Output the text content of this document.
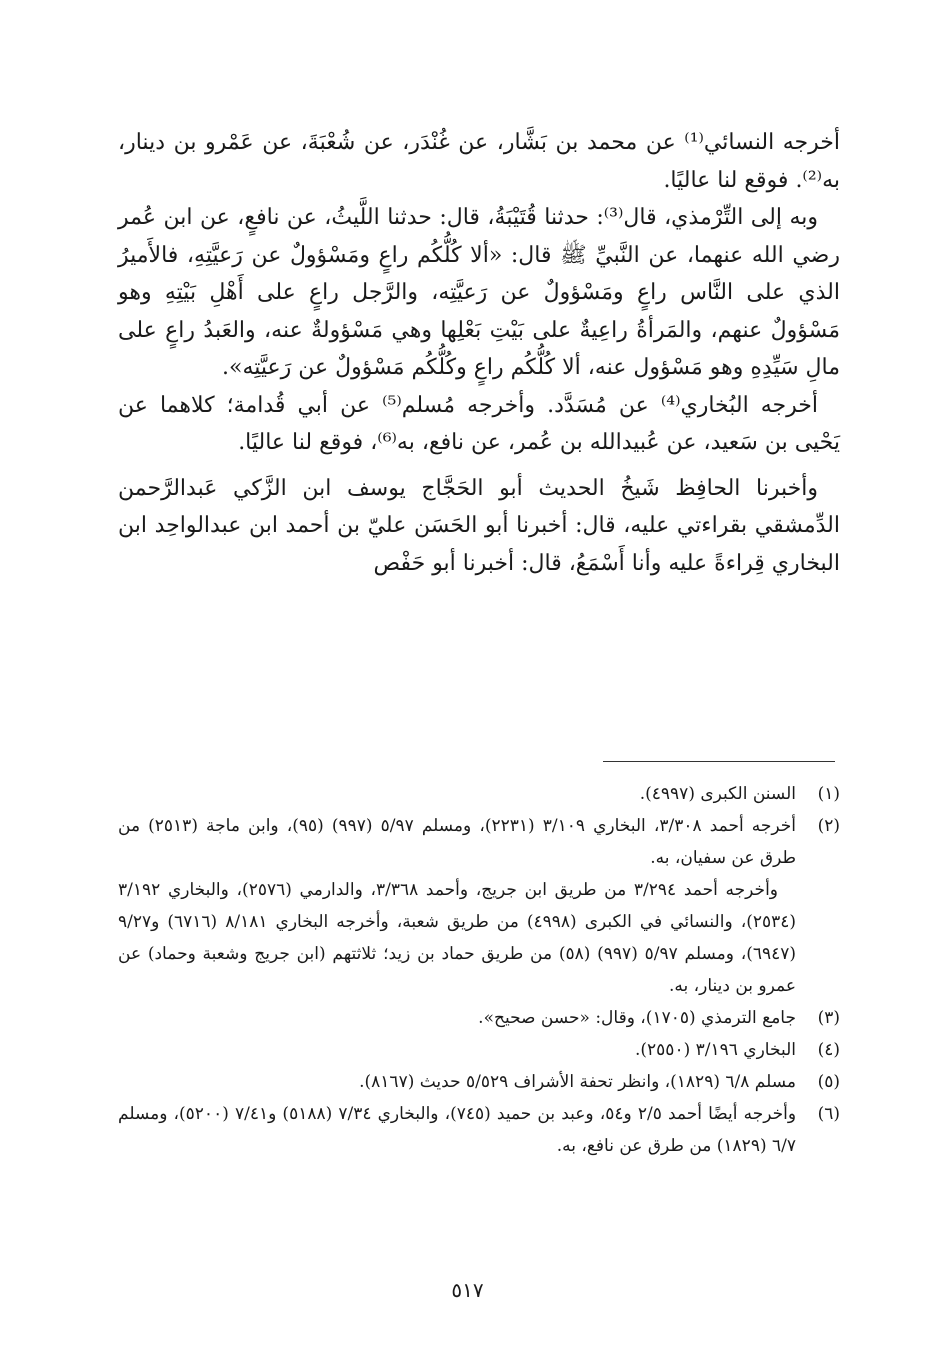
أخرجه النسائي⁽¹⁾ عن محمد بن بَشَّار، عن غُنْدَر، عن شُعْبَةَ، عن عَمْرو بن دينار، به⁽²⁾. فوقع لنا عاليًا.

وبه إلى التِّرْمذي، قال⁽³⁾: حدثنا قُتَيْبَةُ، قال: حدثنا اللَّيثُ، عن نافعٍ، عن ابن عُمر رضي الله عنهما، عن النَّبيِّ ﷺ قال: «ألا كُلُّكُم راعٍ ومَسْؤولٌ عن رَعيَّتِهِ، فالأَميرُ الذي على النَّاس راعٍ ومَسْؤولٌ عن رَعيَّتِه، والرَّجل راعٍ على أَهْلِ بَيْتِهِ وهو مَسْؤولٌ عنهم، والمَرأةُ راعِيةٌ على بَيْتِ بَعْلِها وهي مَسْؤولةٌ عنه، والعَبدُ راعٍ على مالِ سَيِّدِهِ وهو مَسْؤول عنه، ألا كُلُّكُم راعٍ وكُلُّكُم مَسْؤولٌ عن رَعيَّتِه».

أخرجه البُخاري⁽⁴⁾ عن مُسَدَّد. وأخرجه مُسلم⁽⁵⁾ عن أبي قُدامة؛ كلاهما عن يَحْيى بن سَعيد، عن عُبيدالله بن عُمر، عن نافع، به⁽⁶⁾، فوقع لنا عاليًا.

وأخبرنا الحافِظ شَيخُ الحديث أبو الحَجَّاج يوسف ابن الزَّكي عَبدالرَّحمن الدِّمشقي بقراءتي عليه، قال: أخبرنا أبو الحَسَن عليّ بن أحمد ابن عبدالواحِد ابن البخاري قِراءةً عليه وأنا أَسْمَعُ، قال: أخبرنا أبو حَفْص

(١)
السنن الكبرى (٤٩٩٧).
(٢)
أخرجه أحمد ٣/٣٠٨، البخاري ٣/١٠٩ (٢٢٣١)، ومسلم ٥/٩٧ (٩٩٧) (٩٥)، وابن ماجة (٢٥١٣) من طرق عن سفيان، به.
وأخرجه أحمد ٣/٢٩٤ من طريق ابن جريج، وأحمد ٣/٣٦٨، والدارمي (٢٥٧٦)، والبخاري ٣/١٩٢ (٢٥٣٤)، والنسائي في الكبرى (٤٩٩٨) من طريق شعبة، وأخرجه البخاري ٨/١٨١ (٦٧١٦) و٩/٢٧ (٦٩٤٧)، ومسلم ٥/٩٧ (٩٩٧) (٥٨) من طريق حماد بن زيد؛ ثلاثتهم (ابن جريج وشعبة وحماد) عن عمرو بن دينار، به.
(٣)
جامع الترمذي (١٧٠٥)، وقال: «حسن صحيح».
(٤)
البخاري ٣/١٩٦ (٢٥٥٠).
(٥)
مسلم ٦/٨ (١٨٢٩)، وانظر تحفة الأشراف ٥/٥٢٩ حديث (٨١٦٧).
(٦)
وأخرجه أيضًا أحمد ٢/٥ و٥٤، وعبد بن حميد (٧٤٥)، والبخاري ٧/٣٤ (٥١٨٨) و٧/٤١ (٥٢٠٠)، ومسلم ٦/٧ (١٨٢٩) من طرق عن نافع، به.
٥١٧
